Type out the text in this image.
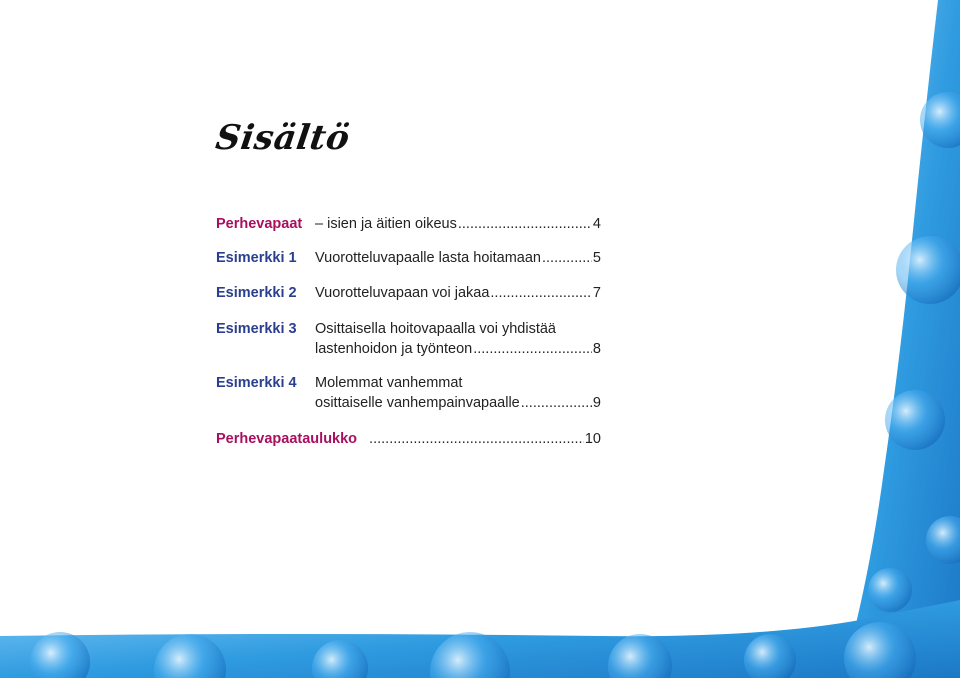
Sisältö
Perhevapaat – isien ja äitien oikeus .....	4
Esimerkki 1 Vuorotteluvapaalle lasta hoitamaan .....	5
Esimerkki 2 Vuorotteluvapaan voi jakaa .....	7
Esimerkki 3 Osittaisella hoitovapaalla voi yhdistää
lastenhoidon ja työnteon .....	8
Esimerkki 4 Molemmat vanhemmat
osittaiselle vanhempainvapaalle .....	9
Perhevapaataulukko .....	10
